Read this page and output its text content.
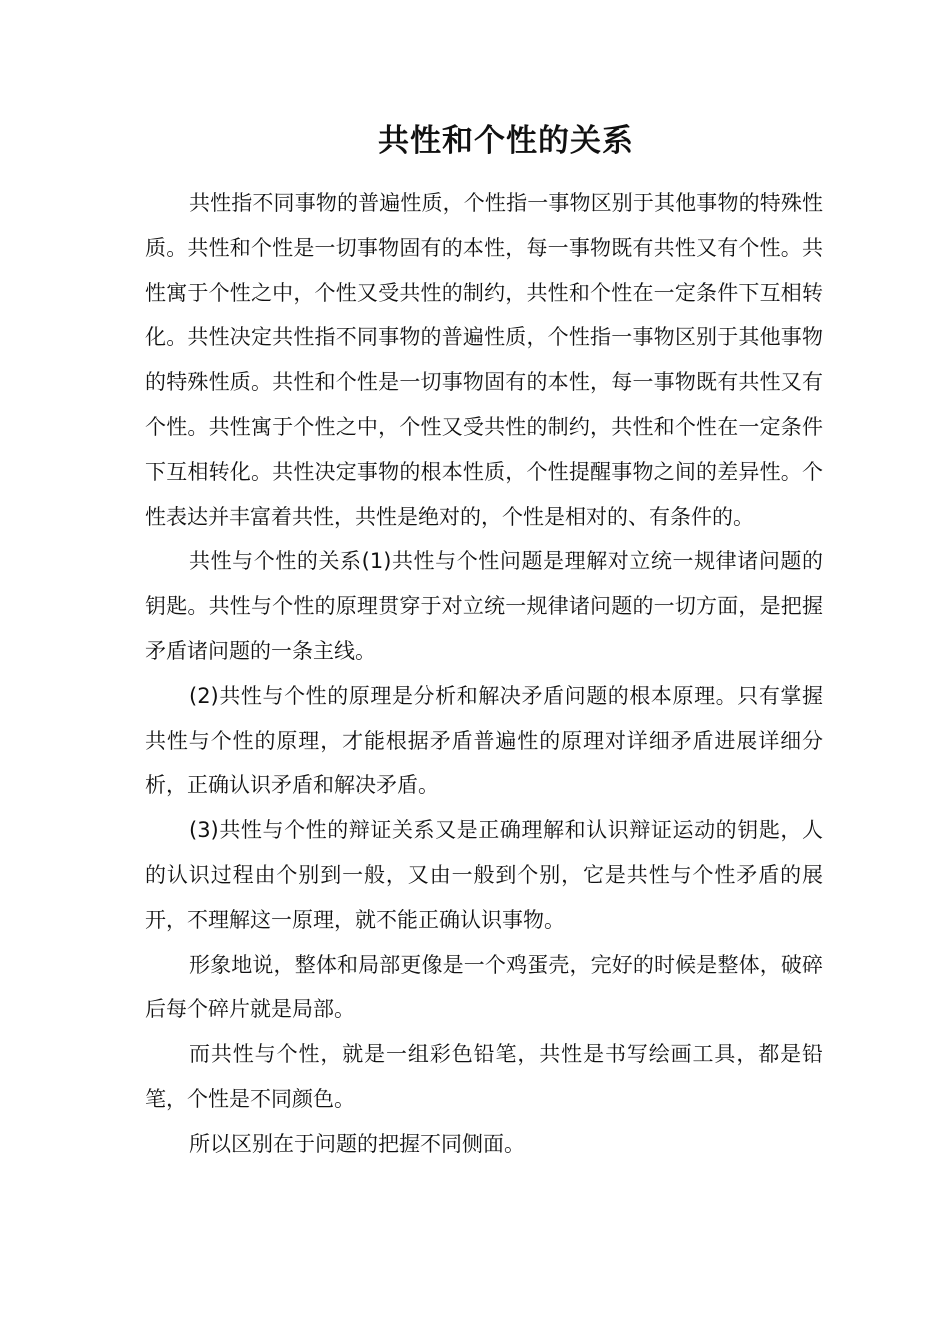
共性和个性的关系

共性指不同事物的普遍性质，个性指一事物区别于其他事物的特殊性质。共性和个性是一切事物固有的本性，每一事物既有共性又有个性。共性寓于个性之中，个性又受共性的制约，共性和个性在一定条件下互相转化。共性决定共性指不同事物的普遍性质，个性指一事物区别于其他事物的特殊性质。共性和个性是一切事物固有的本性，每一事物既有共性又有个性。共性寓于个性之中，个性又受共性的制约，共性和个性在一定条件下互相转化。共性决定事物的根本性质，个性提醒事物之间的差异性。个性表达并丰富着共性，共性是绝对的，个性是相对的、有条件的。

共性与个性的关系(1)共性与个性问题是理解对立统一规律诸问题的钥匙。共性与个性的原理贯穿于对立统一规律诸问题的一切方面，是把握矛盾诸问题的一条主线。

(2)共性与个性的原理是分析和解决矛盾问题的根本原理。只有掌握共性与个性的原理，才能根据矛盾普遍性的原理对详细矛盾进展详细分析，正确认识矛盾和解决矛盾。

(3)共性与个性的辩证关系又是正确理解和认识辩证运动的钥匙，人的认识过程由个别到一般，又由一般到个别，它是共性与个性矛盾的展开，不理解这一原理，就不能正确认识事物。

形象地说，整体和局部更像是一个鸡蛋壳，完好的时候是整体，破碎后每个碎片就是局部。

而共性与个性，就是一组彩色铅笔，共性是书写绘画工具，都是铅笔，个性是不同颜色。

所以区别在于问题的把握不同侧面。
